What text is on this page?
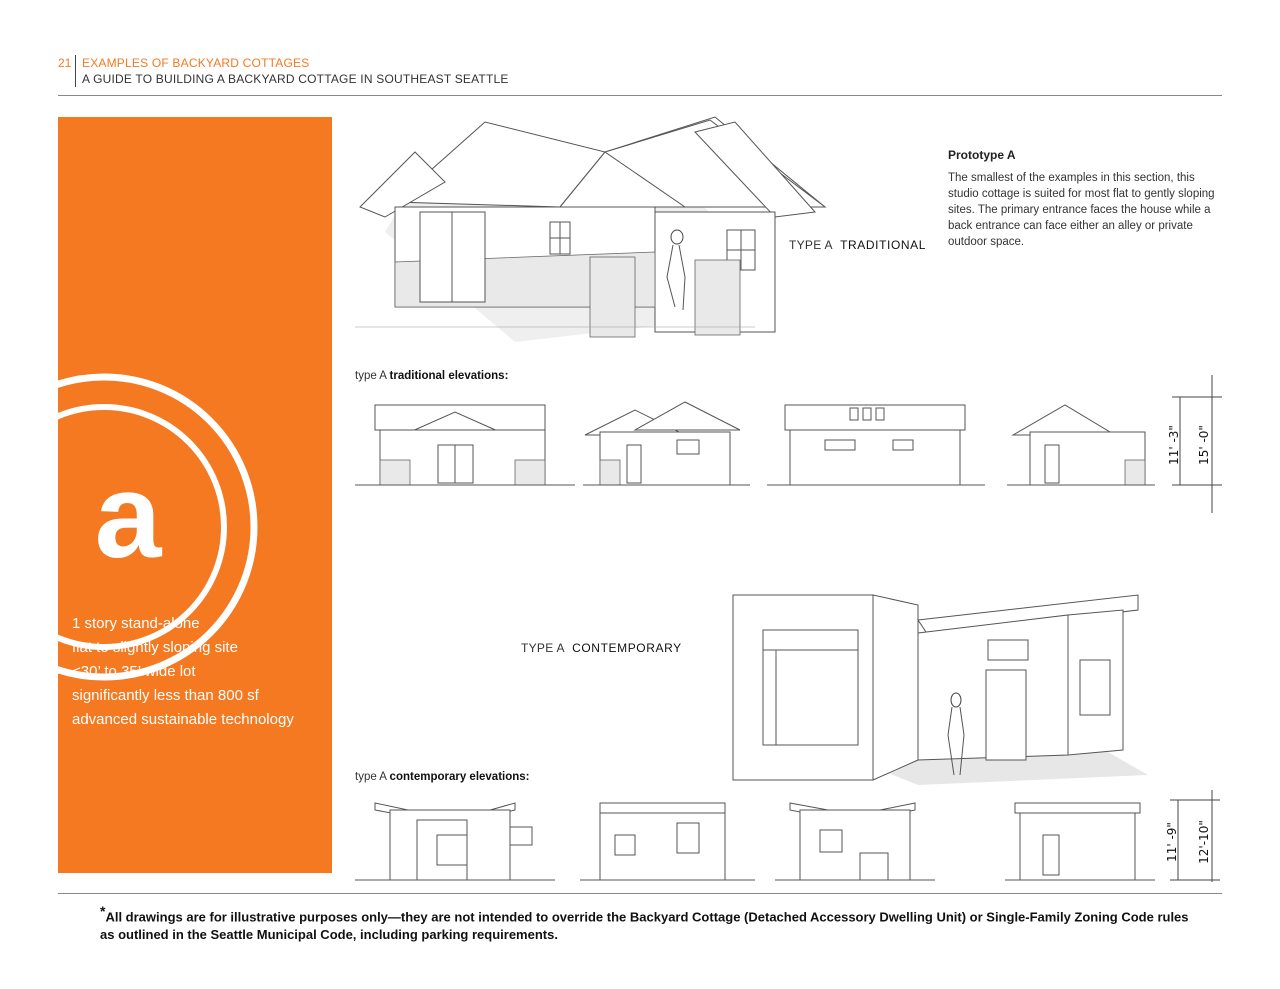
21 EXAMPLES OF BACKYARD COTTAGES
A GUIDE TO BUILDING A BACKYARD COTTAGE IN SOUTHEAST SEATTLE
a
1 story stand-alone
flat to slightly sloping site
<30’ to 35’ wide lot
significantly less than 800 sf
advanced sustainable technology
TYPE A TRADITIONAL
Prototype A
The smallest of the examples in this section, this studio cottage is suited for most flat to gently sloping sites. The primary entrance faces the house while a back entrance can face either an alley or private outdoor space.
type A traditional elevations:
11' -3" 15' -0"
TYPE A CONTEMPORARY
type A contemporary elevations:
11' -9" 12'-10"
*All drawings are for illustrative purposes only—they are not intended to override the Backyard Cottage (Detached Accessory Dwelling Unit) or Single-Family Zoning Code rules as outlined in the Seattle Municipal Code, including parking requirements.
